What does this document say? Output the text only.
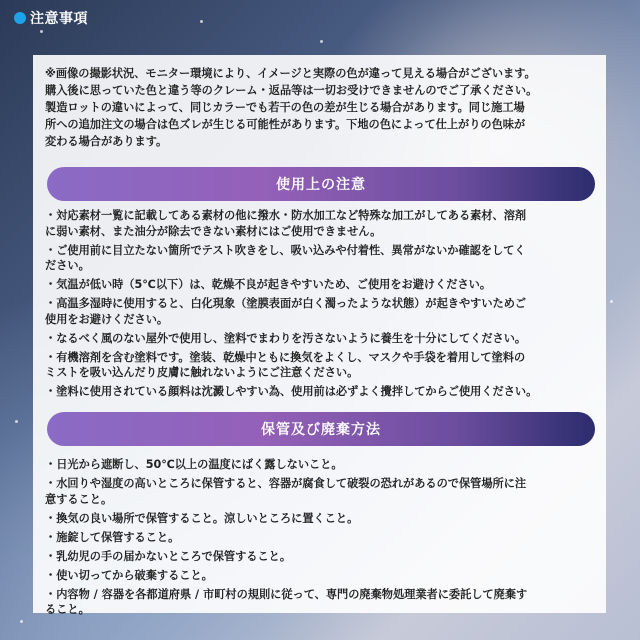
注意事項
※画像の撮影状況、モニター環境により、イメージと実際の色が違って見える場合がございます。
購入後に思っていた色と違う等のクレーム・返品等は一切お受けできませんのでご了承ください。
製造ロットの違いによって、同じカラーでも若干の色の差が生じる場合があります。同じ施工場
所への追加注文の場合は色ズレが生じる可能性があります。下地の色によって仕上がりの色味が
変わる場合があります。
使用上の注意
・対応素材一覧に記載してある素材の他に撥水・防水加工など特殊な加工がしてある素材、溶剤
に弱い素材、また油分が除去できない素材にはご使用できません。
・ご使用前に目立たない箇所でテスト吹きをし、吸い込みや付着性、異常がないか確認をしてく
ださい。
・気温が低い時（5℃以下）は、乾燥不良が起きやすいため、ご使用をお避けください。
・高温多湿時に使用すると、白化現象（塗膜表面が白く濁ったような状態）が起きやすいためご
使用をお避けください。
・なるべく風のない屋外で使用し、塗料でまわりを汚さないように養生を十分にしてください。
・有機溶剤を含む塗料です。塗装、乾燥中ともに換気をよくし、マスクや手袋を着用して塗料の
ミストを吸い込んだり皮膚に触れないようにご注意ください。
・塗料に使用されている顔料は沈澱しやすい為、使用前は必ずよく攪拌してからご使用ください。
保管及び廃棄方法
・日光から遮断し、50℃以上の温度にばく露しないこと。
・水回りや湿度の高いところに保管すると、容器が腐食して破裂の恐れがあるので保管場所に注
意すること。
・換気の良い場所で保管すること。涼しいところに置くこと。
・施錠して保管すること。
・乳幼児の手の届かないところで保管すること。
・使い切ってから破棄すること。
・内容物 / 容器を各都道府県 / 市町村の規則に従って、専門の廃棄物処理業者に委託して廃棄す
ること。
